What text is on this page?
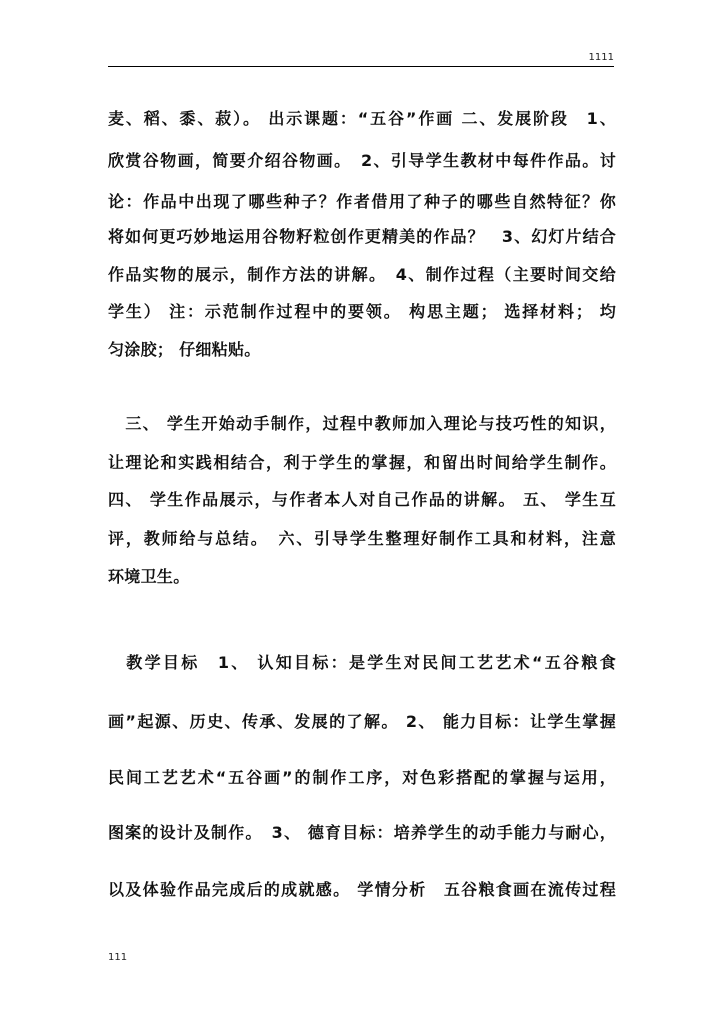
1111
麦、稻、黍、菽）。 出示课题：“五谷”作画 二、发展阶段　1、
欣赏谷物画，简要介绍谷物画。　2、引导学生教材中每件作品。讨
论：作品中出现了哪些种子？作者借用了种子的哪些自然特征？你
将如何更巧妙地运用谷物籽粒创作更精美的作品？　3、幻灯片结合
作品实物的展示，制作方法的讲解。　4、制作过程（主要时间交给
学生） 注：示范制作过程中的要领。 构思主题； 选择材料； 均
匀涂胶； 仔细粘贴。
　三、 学生开始动手制作，过程中教师加入理论与技巧性的知识，
让理论和实践相结合，利于学生的掌握，和留出时间给学生制作。
四、 学生作品展示，与作者本人对自己作品的讲解。 五、 学生互
评，教师给与总结。　六、引导学生整理好制作工具和材料，注意
环境卫生。
　教学目标　1、 认知目标：是学生对民间工艺艺术“五谷粮食
画”起源、历史、传承、发展的了解。 2、 能力目标：让学生掌握
民间工艺艺术“五谷画”的制作工序，对色彩搭配的掌握与运用，
图案的设计及制作。　3、 德育目标：培养学生的动手能力与耐心，
以及体验作品完成后的成就感。 学情分析　五谷粮食画在流传过程
111
